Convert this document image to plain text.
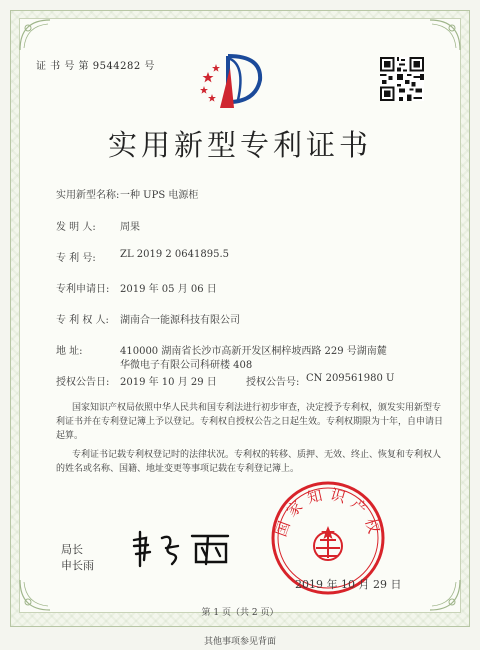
证 书 号 第 9544282 号
实用新型专利证书
实用新型名称: 一种 UPS 电源柜
发 明 人: 周果
专 利 号: ZL 2019 2 0641895.5
专利申请日: 2019 年 05 月 06 日
专 利 权 人: 湖南合一能源科技有限公司
地 址:	410000 湖南省长沙市高新开发区桐梓坡西路 229 号湖南麓
华微电子有限公司科研楼 408
授权公告日: 2019 年 10 月 29 日	授权公告号: CN 209561980 U
国家知识产权局依照中华人民共和国专利法进行初步审查，决定授予专利权，颁发实用新型专利证书并在专利登记簿上予以登记。专利权自授权公告之日起生效。专利权期限为十年，自申请日起算。
专利证书记载专利权登记时的法律状况。专利权的转移、质押、无效、终止、恢复和专利权人的姓名或名称、国籍、地址变更等事项记载在专利登记簿上。
局长
申长雨
国家知识产权
2019 年 10 月 29 日
第 1 页（共 2 页）
其他事项参见背面
